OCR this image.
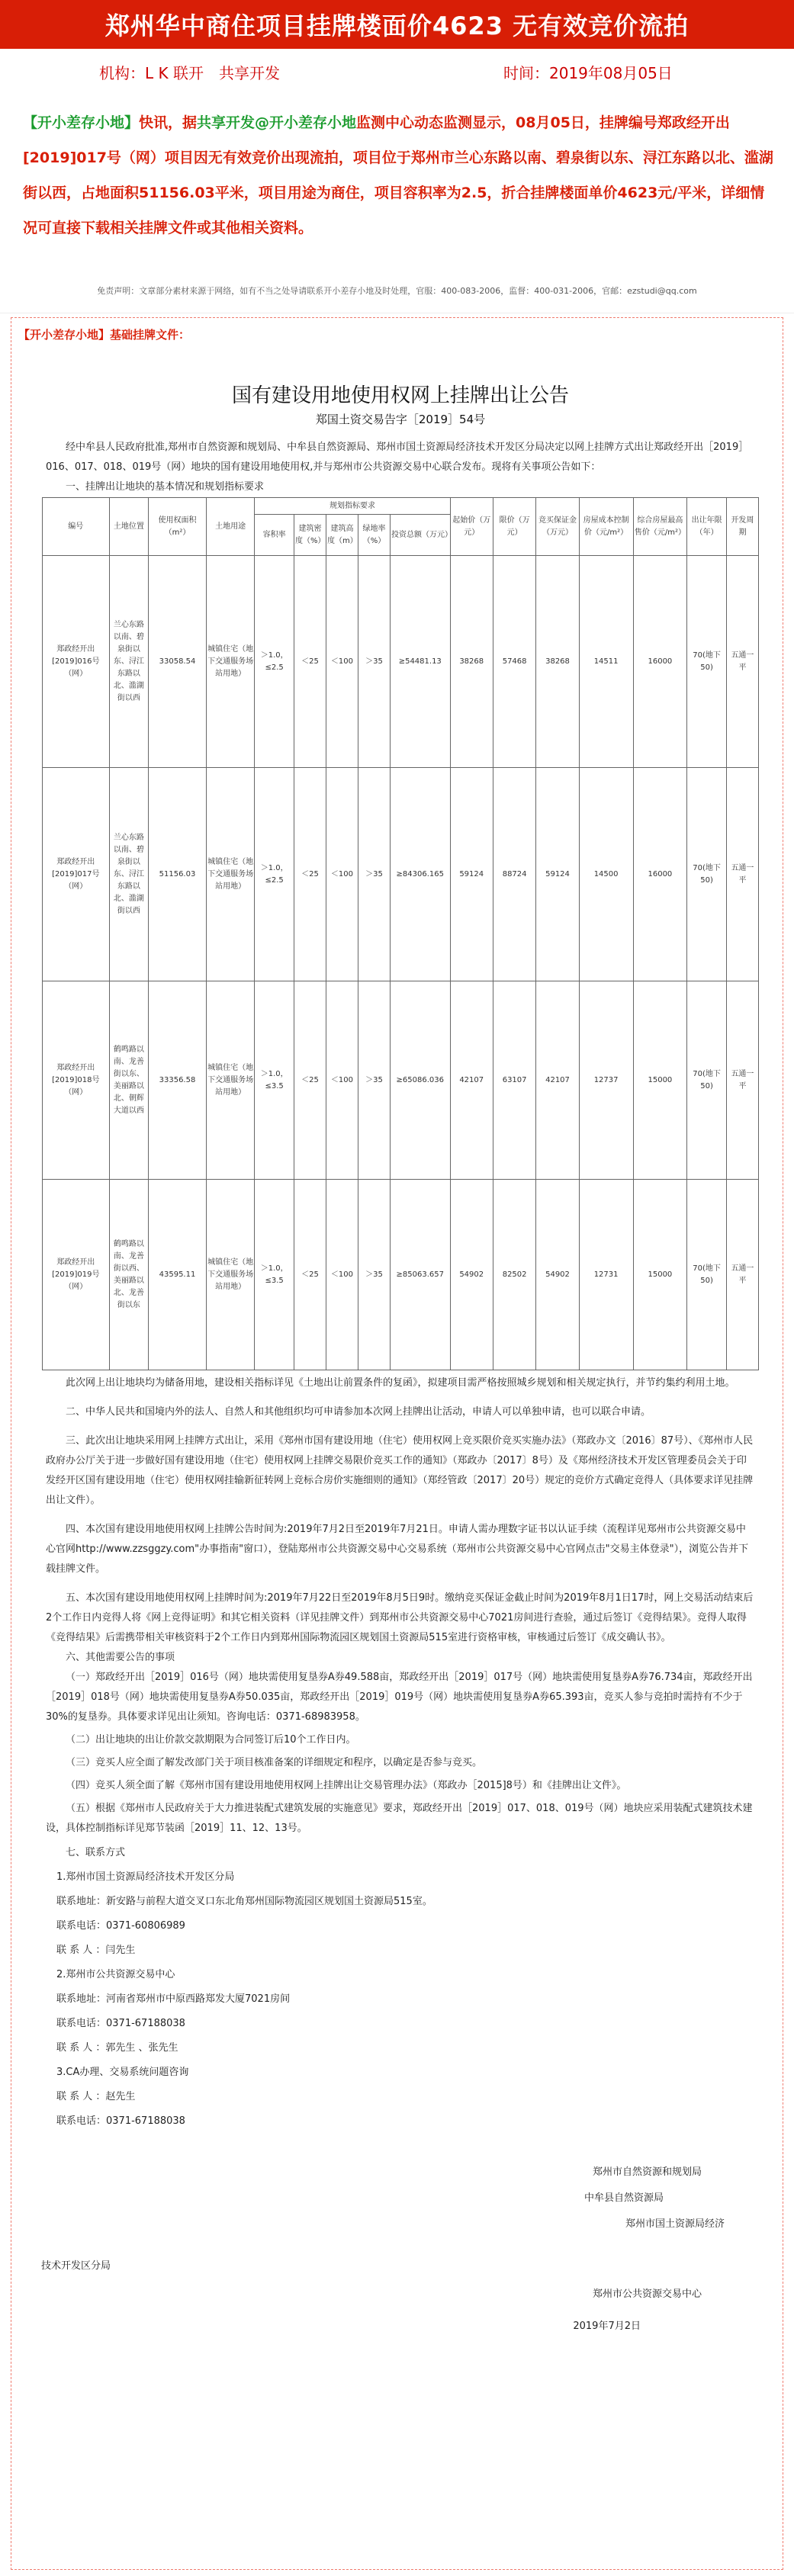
郑州华中商住项目挂牌楼面价4623 无有效竞价流拍
机构：L K 联开　共享开发	时间：2019年08月05日
【开小差存小地】快讯，据共享开发@开小差存小地监测中心动态监测显示，08月05日，挂牌编号郑政经开出[2019]017号（网）项目因无有效竞价出现流拍，项目位于郑州市兰心东路以南、碧泉街以东、浔江东路以北、滥湖街以西，占地面积51156.03平米，项目用途为商住，项目容积率为2.5，折合挂牌楼面单价4623元/平米，详细情况可直接下载相关挂牌文件或其他相关资料。
免责声明：文章部分素材来源于网络，如有不当之处导请联系开小差存小地及时处理，官服：400-083-2006，监督：400-031-2006，官邮：ezstudi@qq.com
【开小差存小地】基础挂牌文件：
国有建设用地使用权网上挂牌出让公告
郑国土资交易告字［2019］54号

经中牟县人民政府批准,郑州市自然资源和规划局、中牟县自然资源局、郑州市国土资源局经济技术开发区分局决定以网上挂牌方式出让郑政经开出［2019］016、017、018、019号（网）地块的国有建设用地使用权,并与郑州市公共资源交易中心联合发布。现将有关事项公告如下：

一、挂牌出让地块的基本情况和规划指标要求

编号	土地位置	使用权面积（m²）	土地用途	规划指标要求					起始价（万元）	限价（万元）	竞买保证金（万元）	房屋成本控制价（元/m²）	综合房屋最高售价（元/m²）	出让年限（年）	开发周期
				容积率	建筑密度（%）	建筑高度（m）	绿地率（%）	投资总额（万元）							
郑政经开出[2019]016号（网）	兰心东路以南、碧泉街以东、浔江东路以北、滥湖街以西	33058.54	城镇住宅（地下交通服务场站用地）	＞1.0，≤2.5	＜25	＜100	＞35	≥54481.13	38268	57468	38268	14511	16000	70(地下50)	五通一平
郑政经开出[2019]017号（网）	兰心东路以南、碧泉街以东、浔江东路以北、滥湖街以西	51156.03	城镇住宅（地下交通服务场站用地）	＞1.0，≤2.5	＜25	＜100	＞35	≥84306.165	59124	88724	59124	14500	16000	70(地下50)	五通一平
郑政经开出[2019]018号（网）	鹤鸣路以南、龙善街以东、美丽路以北、朝辉大道以西	33356.58	城镇住宅（地下交通服务场站用地）	＞1.0，≤3.5	＜25	＜100	＞35	≥65086.036	42107	63107	42107	12737	15000	70(地下50)	五通一平
郑政经开出[2019]019号（网）	鹤鸣路以南、龙善街以西、美丽路以北、龙善街以东	43595.11	城镇住宅（地下交通服务场站用地）	＞1.0，≤3.5	＜25	＜100	＞35	≥85063.657	54902	82502	54902	12731	15000	70(地下50)	五通一平

此次网上出让地块均为储备用地，建设相关指标详见《土地出让前置条件的复函》，拟建项目需严格按照城乡规划和相关规定执行，并节约集约利用土地。

二、中华人民共和国境内外的法人、自然人和其他组织均可申请参加本次网上挂牌出让活动，申请人可以单独申请，也可以联合申请。

三、此次出让地块采用网上挂牌方式出让，采用《郑州市国有建设用地（住宅）使用权网上竞买限价竞买实施办法》（郑政办文〔2016〕87号）、《郑州市人民政府办公厅关于进一步做好国有建设用地（住宅）使用权网上挂牌交易限价竞买工作的通知》（郑政办〔2017〕8号）及《郑州经济技术开发区管理委员会关于印发经开区国有建设用地（住宅）使用权网挂输新征转网上竞标合房价实施细则的通知》（郑经管政〔2017〕20号）规定的竞价方式确定竞得人（具体要求详见挂牌出让文件）。

四、本次国有建设用地使用权网上挂牌公告时间为:2019年7月2日至2019年7月21日。申请人需办理数字证书以认证手续（流程详见郑州市公共资源交易中心官网http://www.zzsggzy.com"办事指南"窗口），登陆郑州市公共资源交易中心交易系统（郑州市公共资源交易中心官网点击"交易主体登录"），浏览公告并下载挂牌文件。

五、本次国有建设用地使用权网上挂牌时间为:2019年7月22日至2019年8月5日9时。缴纳竞买保证金截止时间为2019年8月1日17时，网上交易活动结束后2个工作日内竞得人将《网上竞得证明》和其它相关资料（详见挂牌文件）到郑州市公共资源交易中心7021房间进行查验，通过后签订《竞得结果》。竞得人取得《竞得结果》后需携带相关审核资料于2个工作日内到郑州国际物流园区规划国土资源局515室进行资格审核，审核通过后签订《成交确认书》。

六、其他需要公告的事项

（一）郑政经开出［2019］016号（网）地块需使用复垦券A券49.588亩，郑政经开出［2019］017号（网）地块需使用复垦券A券76.734亩，郑政经开出［2019］018号（网）地块需使用复垦券A券50.035亩，郑政经开出［2019］019号（网）地块需使用复垦券A券65.393亩，竞买人参与竞拍时需持有不少于30%的复垦券。具体要求详见出让须知。咨询电话：0371-68983958。

（二）出让地块的出让价款交款期限为合同签订后10个工作日内。

（三）竞买人应全面了解发改部门关于项目核准备案的详细规定和程序，以确定是否参与竞买。

（四）竞买人须全面了解《郑州市国有建设用地使用权网上挂牌出让交易管理办法》（郑政办［2015]8号）和《挂牌出让文件》。

（五）根据《郑州市人民政府关于大力推进装配式建筑发展的实施意见》要求，郑政经开出［2019］017、018、019号（网）地块应采用装配式建筑技术建设，具体控制指标详见郑节装函［2019］11、12、13号。

七、联系方式

1.郑州市国土资源局经济技术开发区分局

联系地址：新安路与前程大道交叉口东北角郑州国际物流园区规划国土资源局515室。

联系电话：0371-60806989

联 系 人 ：闫先生

2.郑州市公共资源交易中心

联系地址：河南省郑州市中原西路郑发大厦7021房间

联系电话：0371-67188038

联 系 人 ：郭先生 、张先生

3.CA办理、交易系统问题咨询

联 系 人 ：赵先生

联系电话：0371-67188038

郑州市自然资源和规划局

中牟县自然资源局

郑州市国土资源局经济

技术开发区分局

郑州市公共资源交易中心

2019年7月2日
